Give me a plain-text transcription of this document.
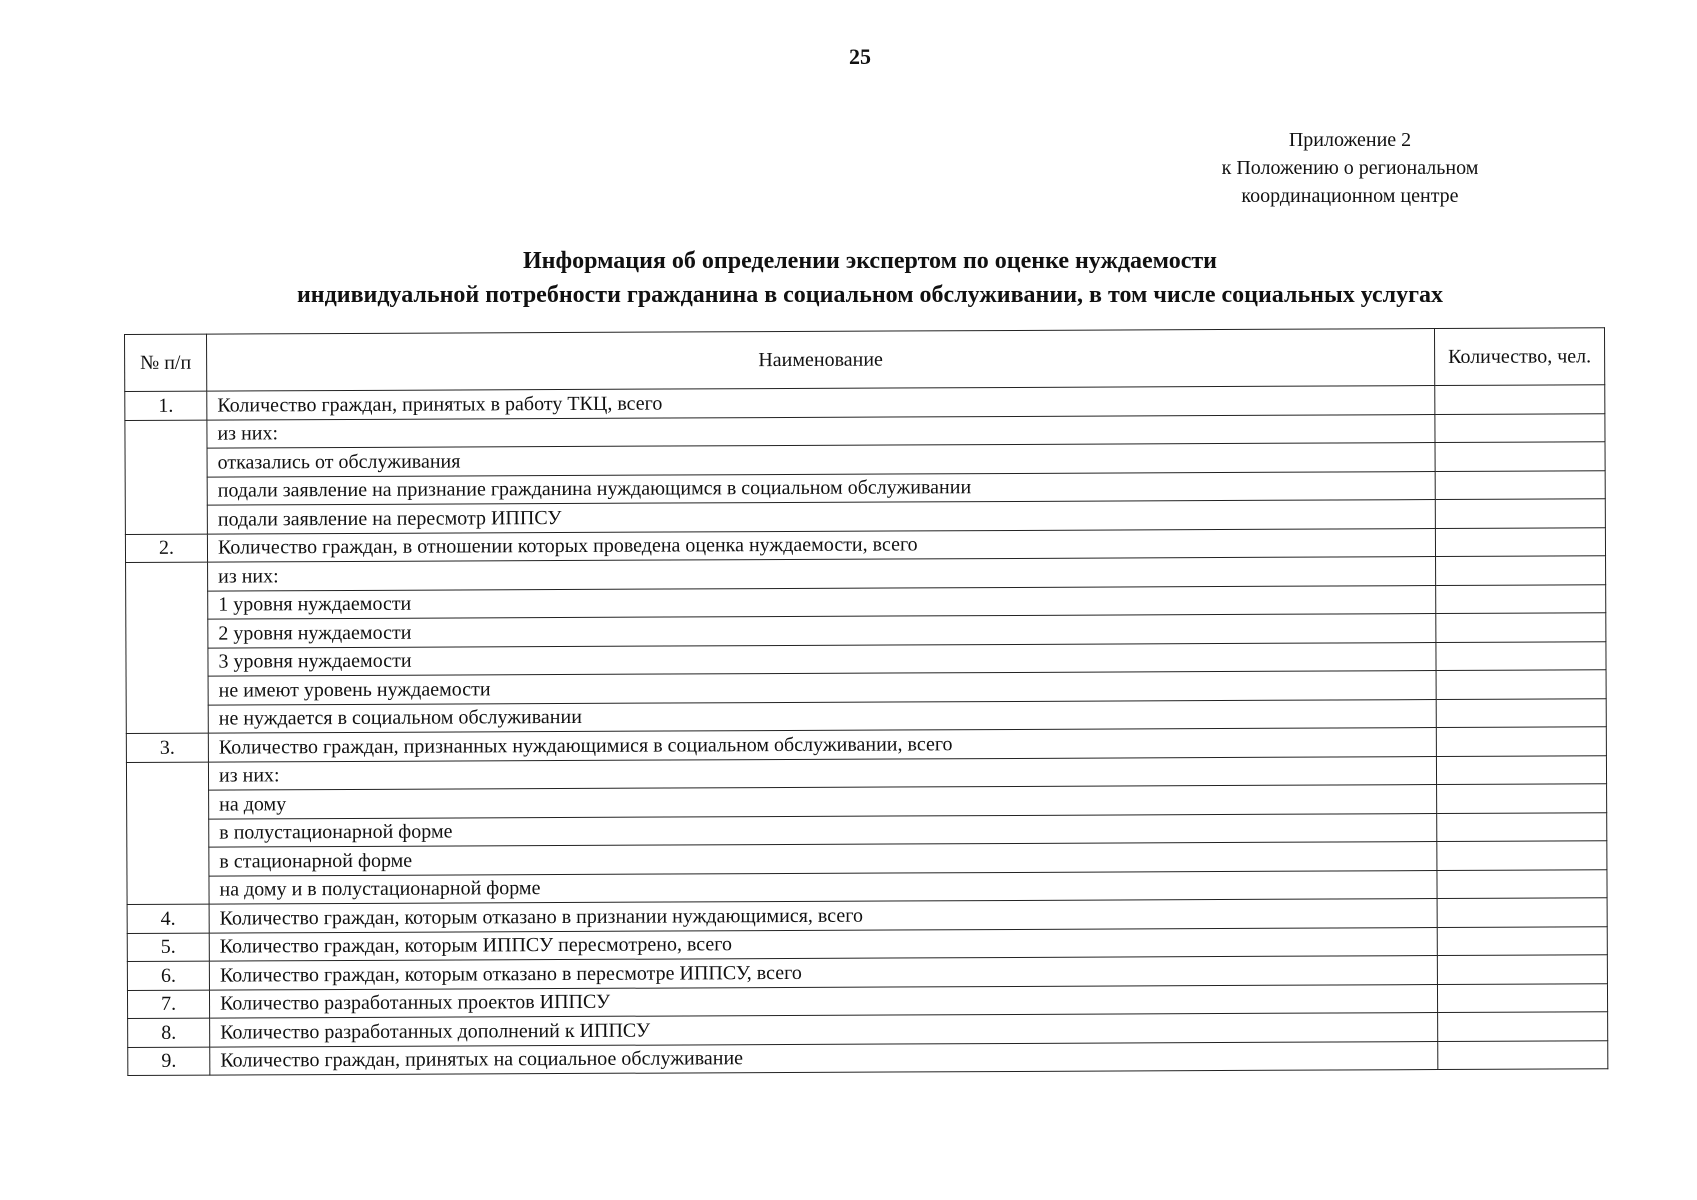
25
Приложение 2
к Положению о региональном
координационном центре
Информация об определении экспертом по оценке нуждаемости
индивидуальной потребности гражданина в социальном обслуживании, в том числе социальных услугах
№ п/п	Наименование	Количество, чел.
1.	Количество граждан, принятых в работу ТКЦ, всего	
	из них:	
	отказались от обслуживания	
	подали заявление на признание гражданина нуждающимся в социальном обслуживании	
	подали заявление на пересмотр ИППСУ	
2.	Количество граждан, в отношении которых проведена оценка нуждаемости, всего	
	из них:	
	1 уровня нуждаемости	
	2 уровня нуждаемости	
	3 уровня нуждаемости	
	не имеют уровень нуждаемости	
	не нуждается в социальном обслуживании	
3.	Количество граждан, признанных нуждающимися в социальном обслуживании, всего	
	из них:	
	на дому	
	в полустационарной форме	
	в стационарной форме	
	на дому и в полустационарной форме	
4.	Количество граждан, которым отказано в признании нуждающимися, всего	
5.	Количество граждан, которым ИППСУ пересмотрено, всего	
6.	Количество граждан, которым отказано в пересмотре ИППСУ, всего	
7.	Количество разработанных проектов ИППСУ	
8.	Количество разработанных дополнений к ИППСУ	
9.	Количество граждан, принятых на социальное обслуживание	
